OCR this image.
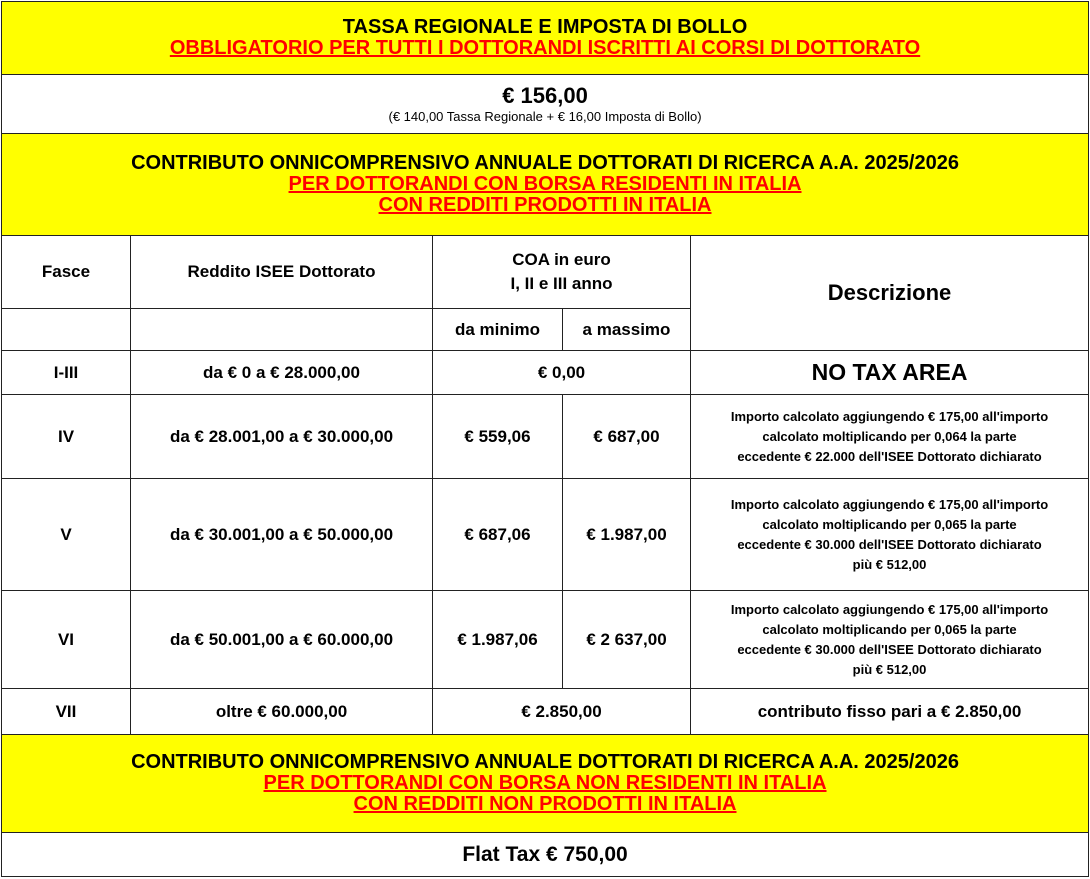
TASSA REGIONALE E IMPOSTA DI BOLLO
OBBLIGATORIO PER TUTTI I DOTTORANDI ISCRITTI AI CORSI DI DOTTORATO				

€ 156,00
(€ 140,00 Tassa Regionale + € 16,00 Imposta di Bollo)				

CONTRIBUTO ONNICOMPRENSIVO ANNUALE DOTTORATI DI RICERCA A.A. 2025/2026
PER DOTTORANDI CON BORSA RESIDENTI IN ITALIA
CON REDDITI PRODOTTI IN ITALIA				

Fasce	Reddito ISEE Dottorato	COA in euro
I, II e III anno		Descrizione
		da minimo	a massimo	
I-III	da € 0 a € 28.000,00	€ 0,00		NO TAX AREA
IV	da € 28.001,00 a € 30.000,00	€ 559,06	€ 687,00	Importo calcolato aggiungendo € 175,00 all'importo
calcolato moltiplicando per 0,064 la parte
eccedente € 22.000 dell'ISEE Dottorato dichiarato

V	da € 30.001,00 a € 50.000,00	€ 687,06	€ 1.987,00	Importo calcolato aggiungendo € 175,00 all'importo
calcolato moltiplicando per 0,065 la parte
eccedente € 30.000 dell'ISEE Dottorato dichiarato
più € 512,00

VI	da € 50.001,00 a € 60.000,00	€ 1.987,06	€ 2 637,00	Importo calcolato aggiungendo € 175,00 all'importo
calcolato moltiplicando per 0,065 la parte
eccedente € 30.000 dell'ISEE Dottorato dichiarato
più € 512,00

VII	oltre € 60.000,00	€ 2.850,00		contributo fisso pari a € 2.850,00

CONTRIBUTO ONNICOMPRENSIVO ANNUALE DOTTORATI DI RICERCA A.A. 2025/2026
PER DOTTORANDI CON BORSA NON RESIDENTI IN ITALIA
CON REDDITI NON PRODOTTI IN ITALIA				

Flat Tax € 750,00				
